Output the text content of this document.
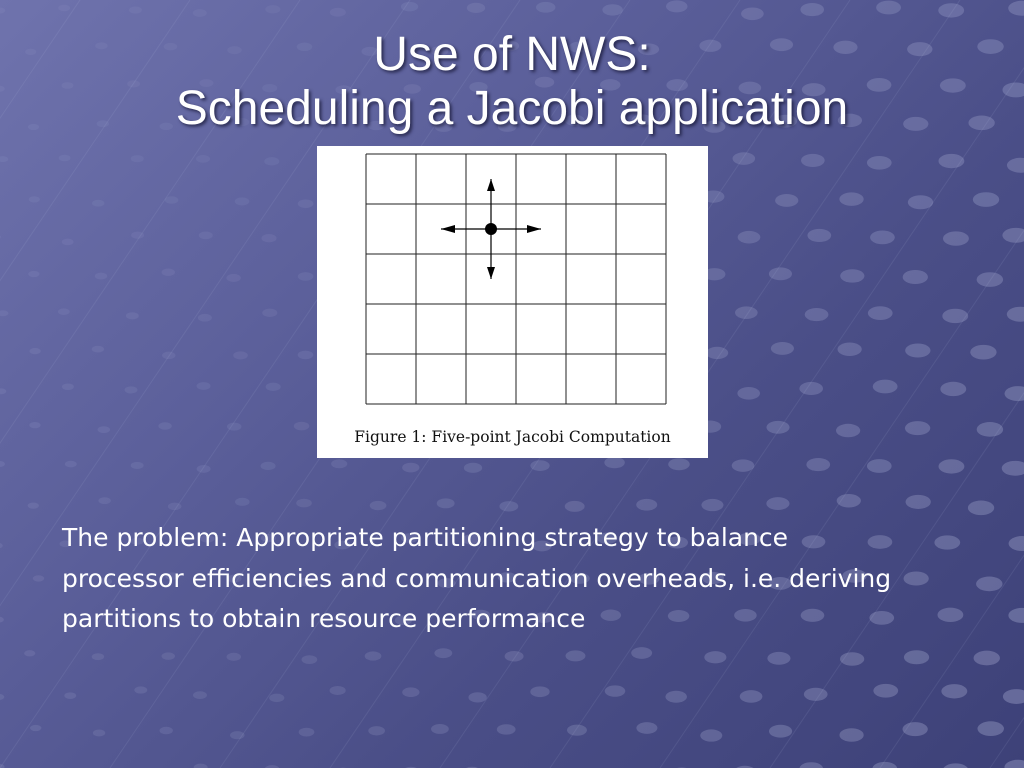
Use of NWS:
Scheduling a Jacobi application
Figure 1: Five-point Jacobi Computation

The problem: Appropriate partitioning strategy to balance processor efficiencies and communication overheads, i.e. deriving partitions to obtain resource performance
